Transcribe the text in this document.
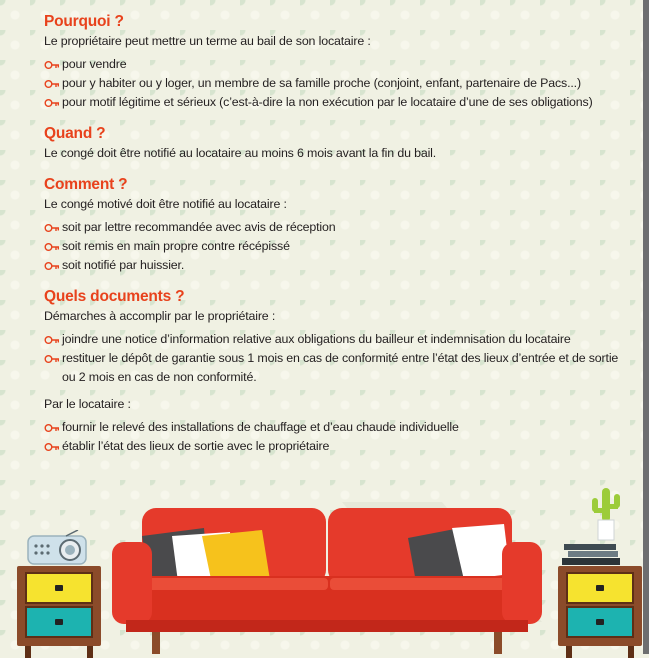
Pourquoi ?
Le propriétaire peut mettre un terme au bail de son locataire :
pour vendre
pour y habiter ou y loger, un membre de sa famille proche (conjoint, enfant, partenaire de Pacs...)
pour motif légitime et sérieux (c’est-à-dire la non exécution par le locataire d’une de ses obligations)
Quand ?
Le congé doit être notifié au locataire au moins 6 mois avant la fin du bail.
Comment ?
Le congé motivé doit être notifié au locataire :
soit par lettre recommandée avec avis de réception
soit remis en main propre contre récépissé
soit notifié par huissier.
Quels documents ?
Démarches à accomplir par le propriétaire :
joindre une notice d’information relative aux obligations du bailleur et indemnisation du locataire
restituer le dépôt de garantie sous 1 mois en cas de conformité entre l’état des lieux d’entrée et de sortie ou 2 mois en cas de non conformité.
Par le locataire :
fournir le relevé des installations de chauffage et d’eau chaude individuelle
établir l’état des lieux de sortie avec le propriétaire
